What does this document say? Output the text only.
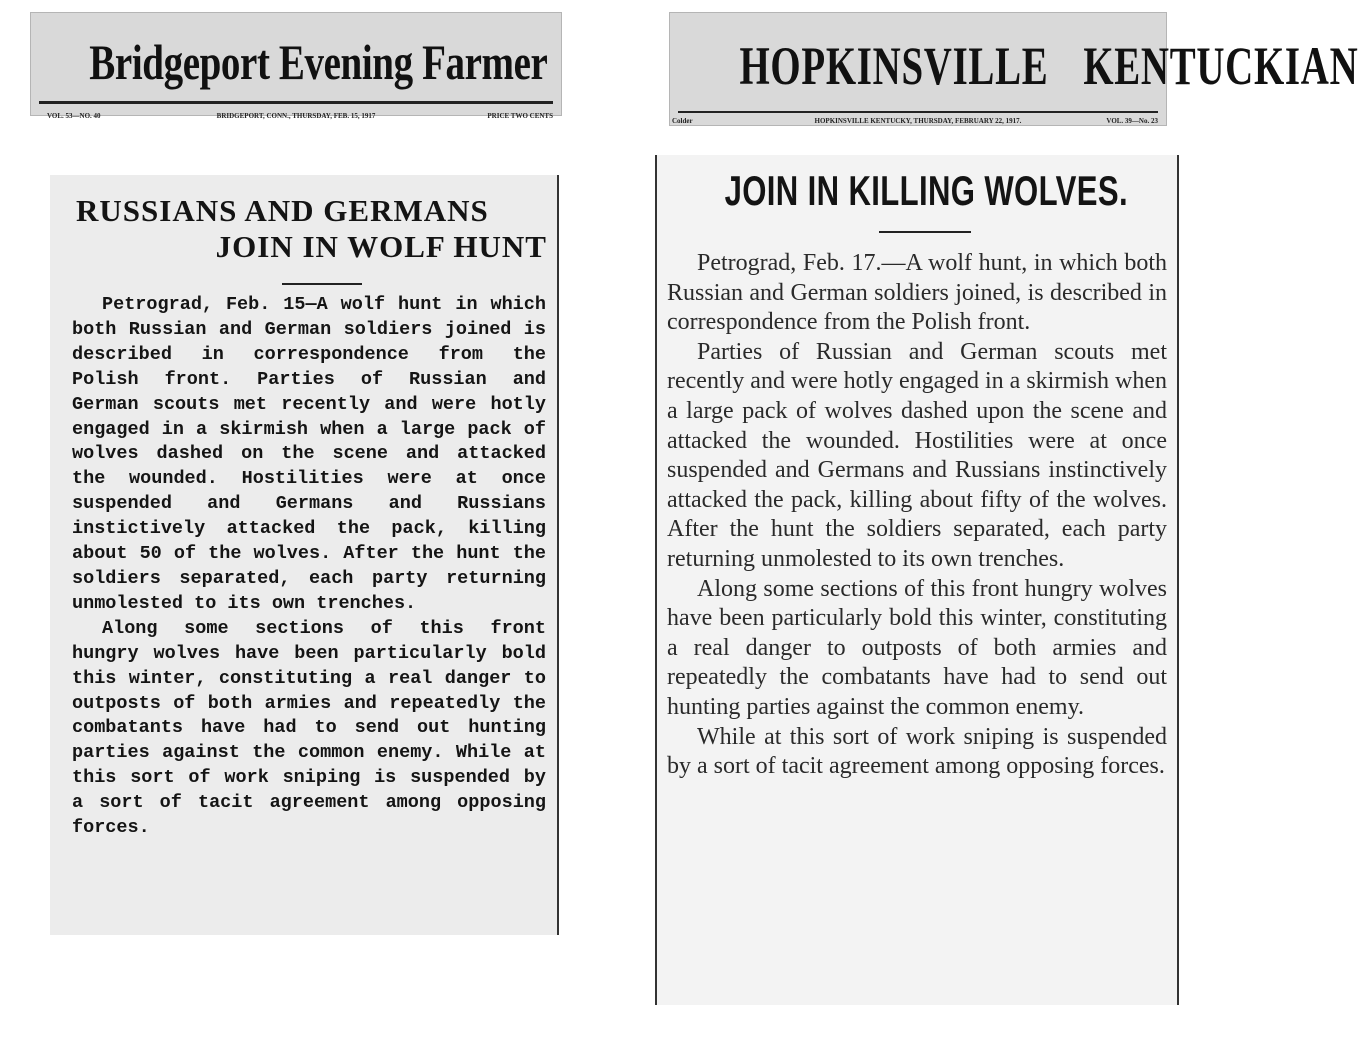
Bridgeport Evening Farmer
VOL. 53—NO. 40	BRIDGEPORT, CONN., THURSDAY, FEB. 15, 1917	PRICE TWO CENTS
HOPKINSVILLE KENTUCKIAN
Colder	HOPKINSVILLE KENTUCKY, THURSDAY, FEBRUARY 22, 1917.	VOL. 39—No. 23
RUSSIANS AND GERMANS
JOIN IN WOLF HUNT

Petrograd, Feb. 15—A wolf hunt in which both Russian and German soldiers joined is described in correspondence from the Polish front. Parties of Russian and German scouts met recently and were hotly engaged in a skirmish when a large pack of wolves dashed on the scene and attacked the wounded. Hostilities were at once suspended and Germans and Russians instictively attacked the pack, killing about 50 of the wolves. After the hunt the soldiers separated, each party returning unmolested to its own trenches.

Along some sections of this front hungry wolves have been particularly bold this winter, constituting a real danger to outposts of both armies and repeatedly the combatants have had to send out hunting parties against the common enemy. While at this sort of work sniping is suspended by a sort of tacit agreement among opposing forces.

JOIN IN KILLING WOLVES.

Petrograd, Feb. 17.—A wolf hunt, in which both Russian and German soldiers joined, is described in correspondence from the Polish front.

Parties of Russian and German scouts met recently and were hotly engaged in a skirmish when a large pack of wolves dashed upon the scene and attacked the wounded. Hostilities were at once suspended and Germans and Russians instinctively attacked the pack, killing about fifty of the wolves. After the hunt the soldiers separated, each party returning unmolested to its own trenches.

Along some sections of this front hungry wolves have been particularly bold this winter, constituting a real danger to outposts of both armies and repeatedly the combatants have had to send out hunting parties against the common enemy.

While at this sort of work sniping is suspended by a sort of tacit agreement among opposing forces.
